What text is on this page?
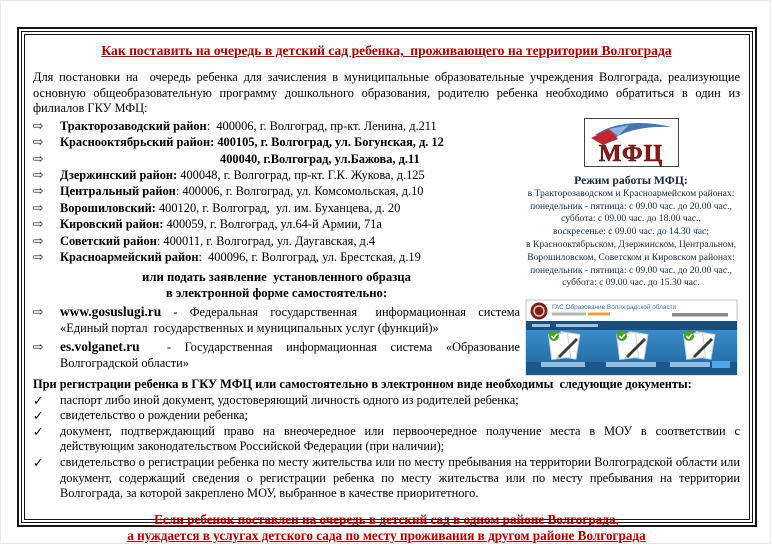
Как поставить на очередь в детский сад ребенка,  проживающего на территории Волгограда
Для постановки на  очередь ребенка для зачисления в муниципальные образовательные учреждения Волгограда, реализующие основную общеобразовательную программу дошкольного образования, родителю ребенка необходимо обратиться в один из филиалов ГКУ МФЦ:
⇨	Тракторозаводский район:  400006, г. Волгоград, пр-кт. Ленина, д.211
⇨	Краснооктябрьский район: 400105, г. Волгоград, ул. Богунская, д. 12
⇨	400040, г.Волгоград, ул.Бажова, д.11
⇨	Дзержинский район: 400048, г. Волгоград, пр-кт. Г.К. Жукова, д.125
⇨	Центральный район: 400006, г. Волгоград, ул. Комсомольская, д.10
⇨	Ворошиловский: 400120, г. Волгоград,  ул. им. Буханцева, д. 20
⇨	Кировский район: 400059, г. Волгоград, ул.64-й Армии, 71а
⇨	Советский район: 400011, г. Волгоград, ул. Даугавская, д.4
⇨	Красноармейский район:  400096, г. Волгоград, ул. Брестская, д.19
или подать заявление  установленного образца
в электронной форме самостоятельно:
⇨	www.gosuslugi.ru  -  Федеральная  государственная   информационная  система «Единый портал  государственных и муниципальных услуг (функций)»
⇨	es.volganet.ru  - Государственная информационная система «Образование Волгоградской области»
МФЦ
Режим работы МФЦ:
в Тракторозаводском и Красноармейском районах:
понедельник - пятница: с 09.00 час. до 20.00 час.,
суббота: с 09.00 час. до 18.00 час.,
воскресенье: с 09.00 час. до 14.30 час;
в Краснооктябрьском, Дзержинском, Центральном,
Ворошиловском, Советском и Кировском районах:
понедельник - пятница: с 09.00 час. до 20.00 час.,
суббота: с 09.00 час. до 15.30 час.
ГАС Образование Волгоградской области
При регистрации ребенка в ГКУ МФЦ или самостоятельно в электронном виде необходимы  следующие документы:
✓	паспорт либо иной документ, удостоверяющий личность одного из родителей ребенка;
✓	свидетельство о рождении ребенка;
✓	документ, подтверждающий право на внеочередное или первоочередное получение места в МОУ в соответствии с действующим законодательством Российской Федерации (при наличии);
✓	свидетельство о регистрации ребенка по месту жительства или по месту пребывания на территории Волгоградской области или документ, содержащий сведения о регистрации ребенка по месту жительства или по месту пребывания на территории Волгограда, за которой закреплено МОУ, выбранное в качестве приоритетного.
Если ребенок поставлен на очередь в детский сад в одном районе Волгограда,
а нуждается в услугах детского сада по месту проживания в другом районе Волгограда
